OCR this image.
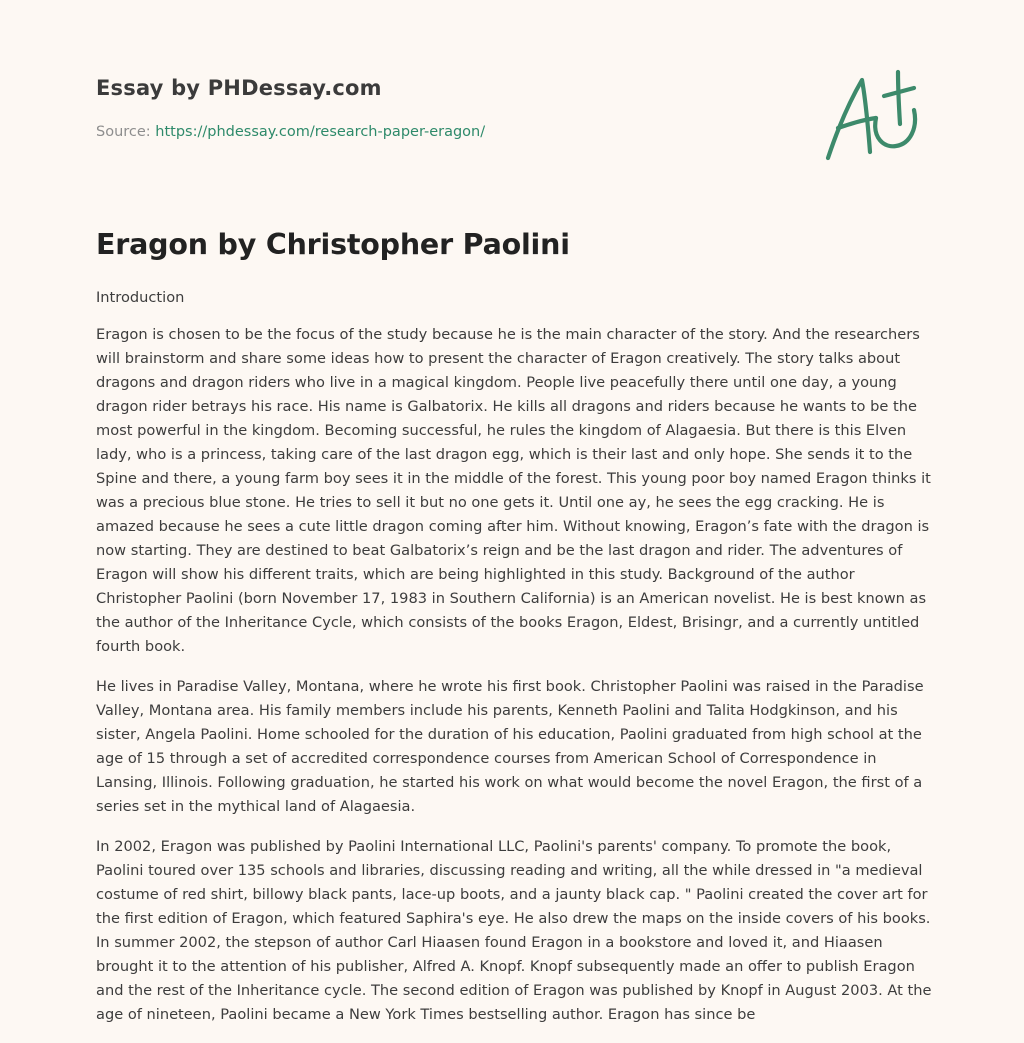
Essay by PHDessay.com
Source: https://phdessay.com/research-paper-eragon/
Eragon by Christopher Paolini

Introduction

Eragon is chosen to be the focus of the study because he is the main character of the story. And the researchers will brainstorm and share some ideas how to present the character of Eragon creatively. The story talks about dragons and dragon riders who live in a magical kingdom. People live peacefully there until one day, a young dragon rider betrays his race. His name is Galbatorix. He kills all dragons and riders because he wants to be the most powerful in the kingdom. Becoming successful, he rules the kingdom of Alagaesia. But there is this Elven lady, who is a princess, taking care of the last dragon egg, which is their last and only hope. She sends it to the Spine and there, a young farm boy sees it in the middle of the forest. This young poor boy named Eragon thinks it was a precious blue stone. He tries to sell it but no one gets it. Until one ay, he sees the egg cracking. He is amazed because he sees a cute little dragon coming after him. Without knowing, Eragon’s fate with the dragon is now starting. They are destined to beat Galbatorix’s reign and be the last dragon and rider. The adventures of Eragon will show his different traits, which are being highlighted in this study. Background of the author Christopher Paolini (born November 17, 1983 in Southern California) is an American novelist. He is best known as the author of the Inheritance Cycle, which consists of the books Eragon, Eldest, Brisingr, and a currently untitled fourth book.

He lives in Paradise Valley, Montana, where he wrote his first book. Christopher Paolini was raised in the Paradise Valley, Montana area. His family members include his parents, Kenneth Paolini and Talita Hodgkinson, and his sister, Angela Paolini. Home schooled for the duration of his education, Paolini graduated from high school at the age of 15 through a set of accredited correspondence courses from American School of Correspondence in Lansing, Illinois. Following graduation, he started his work on what would become the novel Eragon, the first of a series set in the mythical land of Alagaesia.

In 2002, Eragon was published by Paolini International LLC, Paolini's parents' company. To promote the book, Paolini toured over 135 schools and libraries, discussing reading and writing, all the while dressed in "a medieval costume of red shirt, billowy black pants, lace-up boots, and a jaunty black cap. " Paolini created the cover art for the first edition of Eragon, which featured Saphira's eye. He also drew the maps on the inside covers of his books. In summer 2002, the stepson of author Carl Hiaasen found Eragon in a bookstore and loved it, and Hiaasen brought it to the attention of his publisher, Alfred A. Knopf. Knopf subsequently made an offer to publish Eragon and the rest of the Inheritance cycle. The second edition of Eragon was published by Knopf in August 2003. At the age of nineteen, Paolini became a New York Times bestselling author. Eragon has since be
